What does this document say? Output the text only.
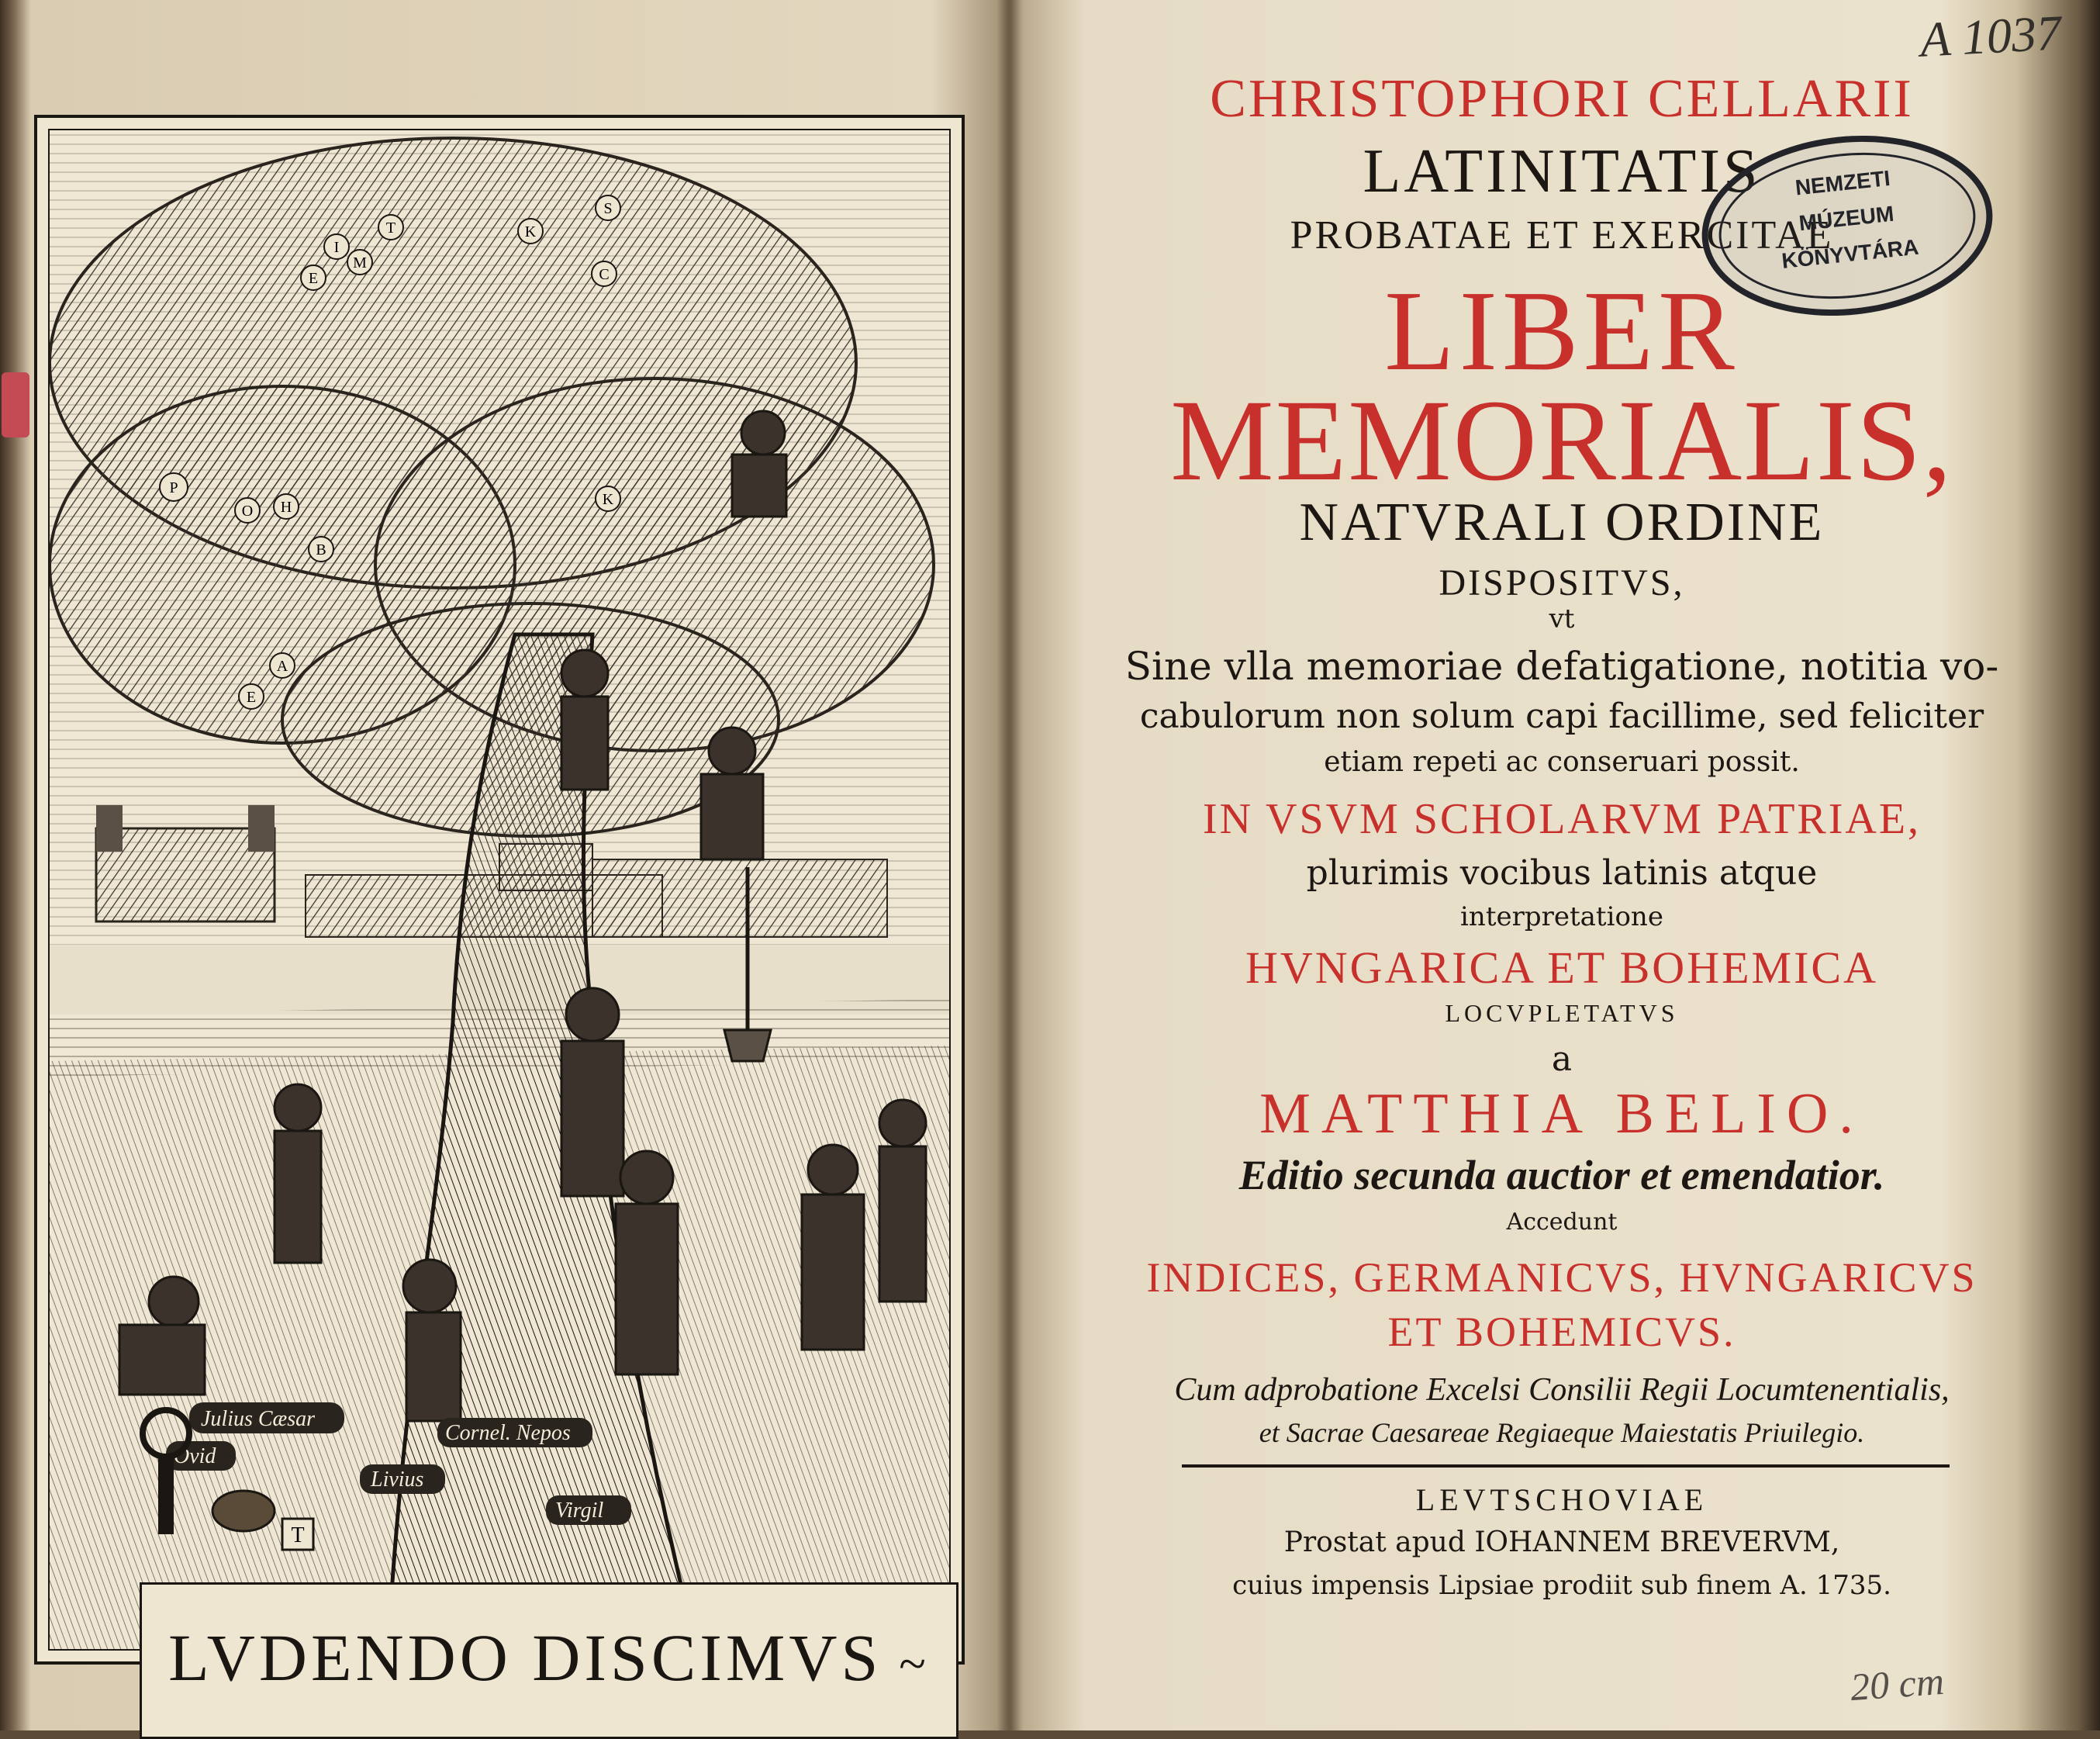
E
I
T
M
K
S
C
P
O H
B
K
A
E
Julius Cæsar
Ovid
Livius
Cornel. Nepos
Virgil
T
LVDENDO DISCIMVS ~
CHRISTOPHORI CELLARII
LATINITATIS
PROBATAE ET EXERCITAE
LIBER
MEMORIALIS,
NATVRALI ORDINE
DISPOSITVS,
vt
Sine vlla memoriae defatigatione, notitia vo-
cabulorum non solum capi facillime, sed feliciter
etiam repeti ac conseruari possit.
IN VSVM SCHOLARVM PATRIAE,
plurimis vocibus latinis atque
interpretatione
HVNGARICA ET BOHEMICA
LOCVPLETATVS
a
MATTHIA BELIO.
Editio secunda auctior et emendatior.
Accedunt
INDICES, GERMANICVS, HVNGARICVS
ET BOHEMICVS.
Cum adprobatione Excelsi Consilii Regii Locumtenentialis,
et Sacrae Caesareae Regiaeque Maiestatis Priuilegio.
LEVTSCHOVIAE
Prostat apud IOHANNEM BREVERVM,
cuius impensis Lipsiae prodiit sub finem A. 1735.
NEMZETI
MÚZEUM
KÖNYVTÁRA
A 1037
20 cm
